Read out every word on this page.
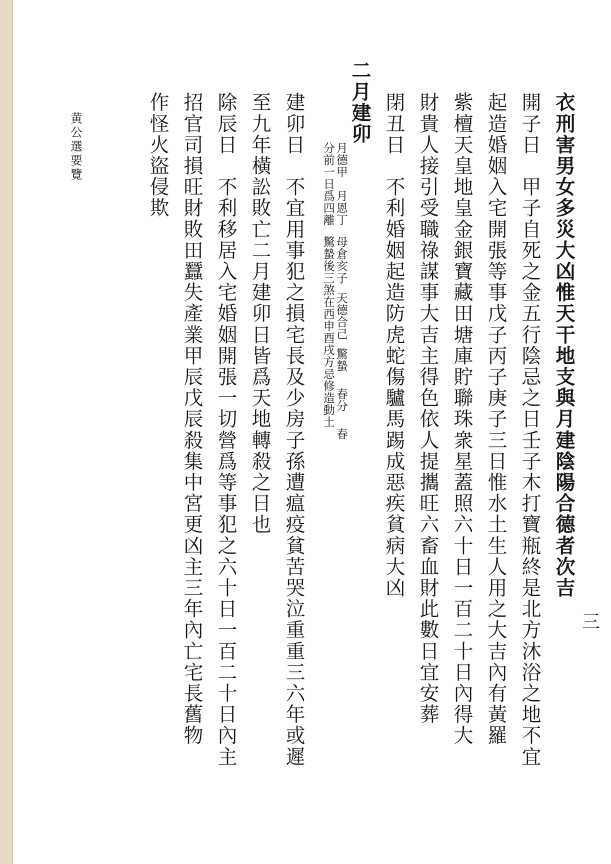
衣刑害男女多災大凶惟天干地支與月建陰陽合德者次吉
開子日　甲子自死之金五行陰忌之日壬子木打寶瓶終是北方沐浴之地不宜
起造婚姻入宅開張等事戊子丙子庚子三日惟水土生人用之大吉內有黃羅
紫檀天皇地皇金銀寶藏田塘庫貯聯珠衆星蓋照六十日一百二十日內得大
財貴人接引受職祿謀事大吉主得色依人提攜旺六畜血財此數日宜安葬
閉丑日　不利婚姻起造防虎蛇傷驢馬踢成惡疾貧病大凶
二月建卯
月德甲
月恩丁
母倉亥子
天德合己
驚蟄
春分
春
分前一日爲四離
驚蟄後三煞在西申酉戌方忌修造動土
建卯日　不宜用事犯之損宅長及少房子孫遭瘟疫貧苦哭泣重重三六年或遲
至九年橫訟敗亡二月建卯日皆爲天地轉殺之日也
除辰日　不利移居入宅婚姻開張一切營爲等事犯之六十日一百二十日內主
招官司損旺財敗田蠶失產業甲辰戊辰殺集中宮更凶主三年內亡宅長舊物
作怪火盜侵欺
黄公選要覽
三
